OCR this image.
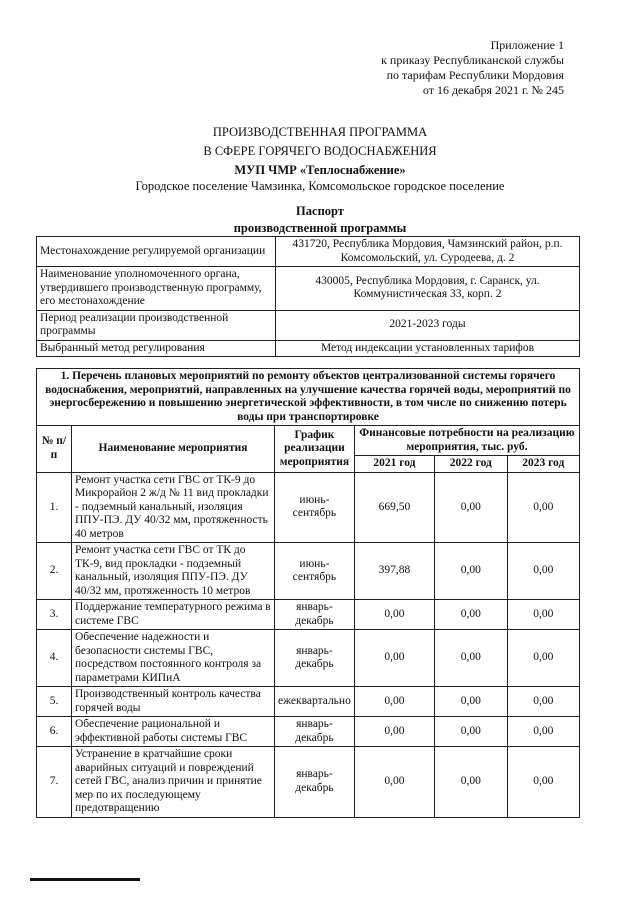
Приложение 1
к приказу Республиканской службы
по тарифам Республики Мордовия
от 16 декабря 2021 г. № 245
ПРОИЗВОДСТВЕННАЯ ПРОГРАММА
В СФЕРЕ ГОРЯЧЕГО ВОДОСНАБЖЕНИЯ
МУП ЧМР «Теплоснабжение»
Городское поселение Чамзинка, Комсомольское городское поселение
Паспорт
производственной программы
Местонахождение регулируемой организации	431720, Республика Мордовия, Чамзинский район, р.п. Комсомольский, ул. Суродеева, д. 2
Наименование уполномоченного органа, утвердившего производственную программу, его местонахождение	430005, Республика Мордовия, г. Саранск, ул. Коммунистическая 33, корп. 2
Период реализации производственной программы	2021-2023 годы
Выбранный метод регулирования	Метод индексации установленных тарифов
1. Перечень плановых мероприятий по ремонту объектов централизованной системы горячего водоснабжения, мероприятий, направленных на улучшение качества горячей воды, мероприятий по энергосбережению и повышению энергетической эффективности, в том числе по снижению потерь воды при транспортировке					
№ п/п	Наименование мероприятия	График реализации мероприятия	Финансовые потребности на реализацию мероприятия, тыс. руб.		
			2021 год	2022 год	2023 год
1.	Ремонт участка сети ГВС от ТК-9 до Микрорайон 2 ж/д № 11 вид прокладки - подземный канальный, изоляция ППУ-ПЭ. ДУ 40/32 мм, протяженность 40 метров	июнь-сентябрь	669,50	0,00	0,00
2.	Ремонт участка сети ГВС от ТК до ТК-9, вид прокладки - подземный канальный, изоляция ППУ-ПЭ. ДУ 40/32 мм, протяженность 10 метров	июнь-сентябрь	397,88	0,00	0,00
3.	Поддержание температурного режима в системе ГВС	январь-декабрь	0,00	0,00	0,00
4.	Обеспечение надежности и безопасности системы ГВС, посредством постоянного контроля за параметрами КИПиА	январь-декабрь	0,00	0,00	0,00
5.	Производственный контроль качества горячей воды	ежеквартально	0,00	0,00	0,00
6.	Обеспечение рациональной и эффективной работы системы ГВС	январь-декабрь	0,00	0,00	0,00
7.	Устранение в кратчайшие сроки аварийных ситуаций и повреждений сетей ГВС, анализ причин и принятие мер по их последующему предотвращению	январь-декабрь	0,00	0,00	0,00
